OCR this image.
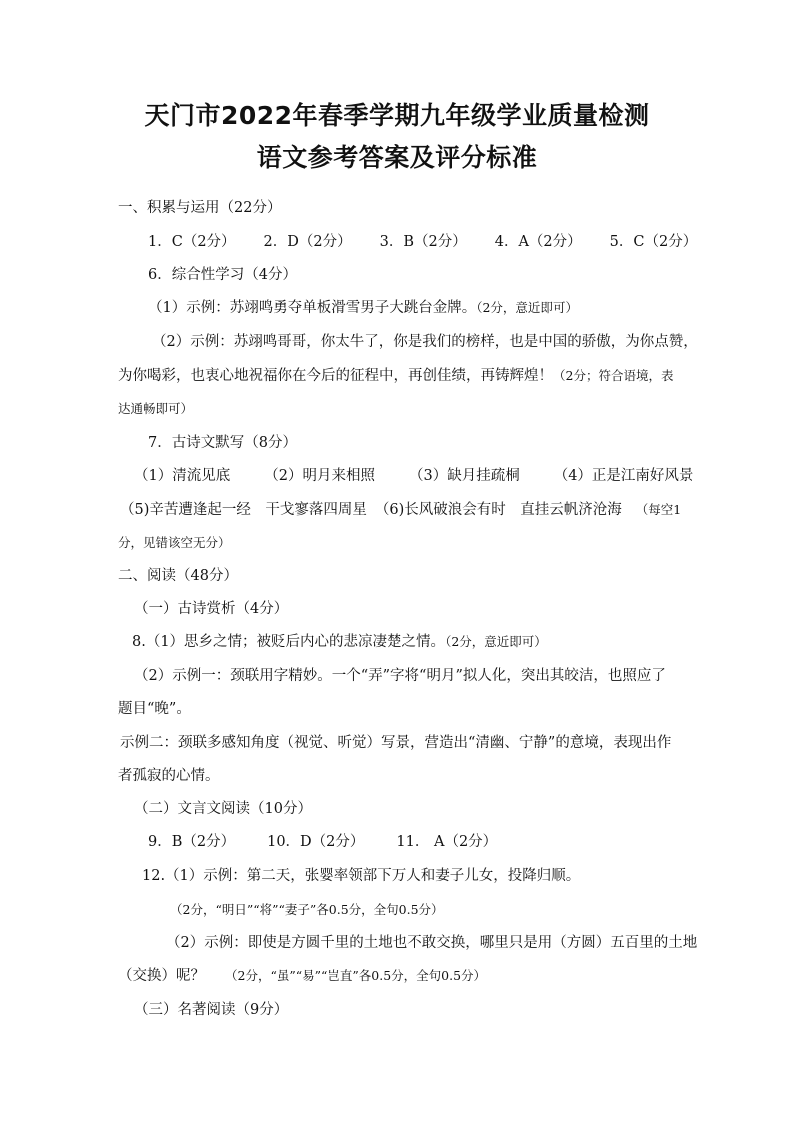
天门市2022年春季学期九年级学业质量检测
语文参考答案及评分标准
一、积累与运用（22分）
1．C（2分） 2．D（2分） 3．B（2分） 4．A（2分） 5．C（2分）
6．综合性学习（4分）
（1）示例：苏翊鸣勇夺单板滑雪男子大跳台金牌。（2分，意近即可）
（2）示例：苏翊鸣哥哥，你太牛了，你是我们的榜样，也是中国的骄傲，为你点赞，
为你喝彩，也衷心地祝福你在今后的征程中，再创佳绩，再铸辉煌！（2分；符合语境，表
达通畅即可）
7．古诗文默写（8分）
（1）清流见底 （2）明月来相照 （3）缺月挂疏桐 （4）正是江南好风景
（5)辛苦遭逢起一经　干戈寥落四周星 （6)长风破浪会有时　直挂云帆济沧海 （每空1
分，见错该空无分）
二、阅读（48分）
（一）古诗赏析（4分）
8.（1）思乡之情；被贬后内心的悲凉凄楚之情。（2分，意近即可）
（2）示例一：颈联用字精妙。一个“弄”字将“明月”拟人化，突出其皎洁，也照应了
题目“晚”。
示例二：颈联多感知角度（视觉、听觉）写景，营造出“清幽、宁静”的意境，表现出作
者孤寂的心情。
（二）文言文阅读（10分）
9．B（2分） 10．D（2分） 11． A（2分）
12.（1）示例：第二天，张婴率领部下万人和妻子儿女，投降归顺。
（2分，“明日”“将”“妻子”各0.5分，全句0.5分）
（2）示例：即使是方圆千里的土地也不敢交换，哪里只是用（方圆）五百里的土地
（交换）呢？ （2分，“虽”“易”“岂直”各0.5分，全句0.5分）
（三）名著阅读（9分）
